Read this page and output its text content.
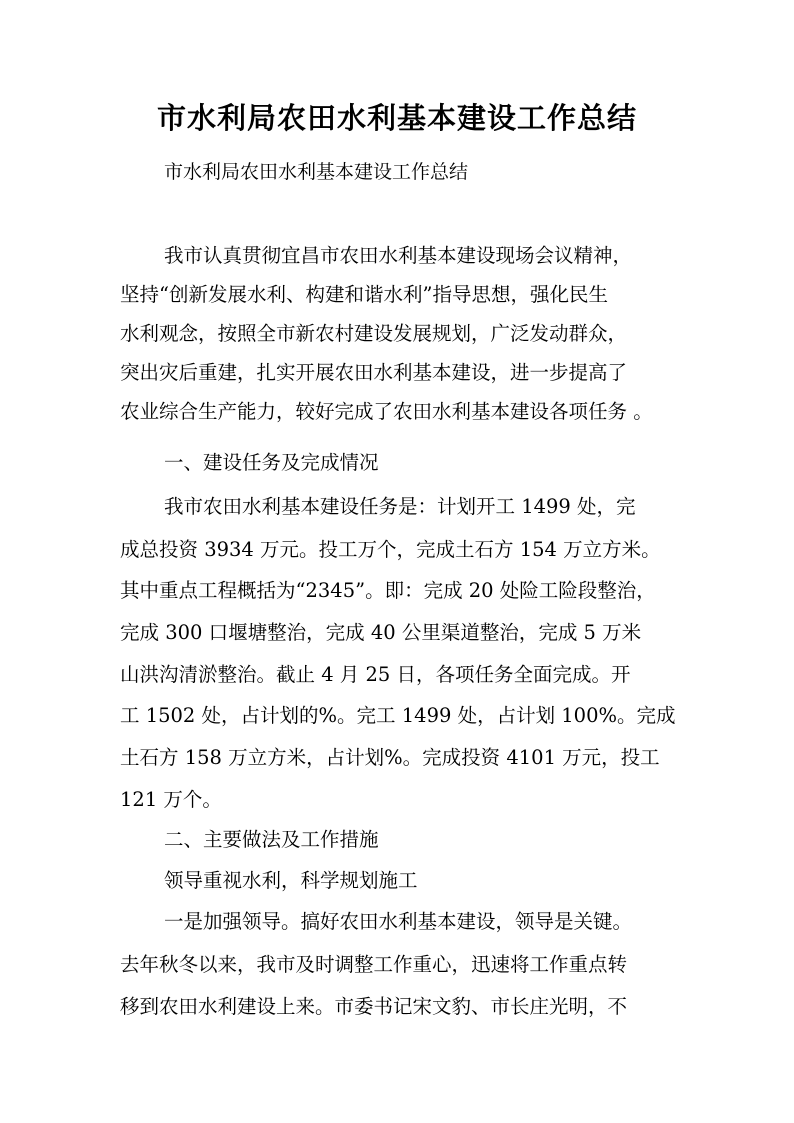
市水利局农田水利基本建设工作总结

市水利局农田水利基本建设工作总结

我市认真贯彻宜昌市农田水利基本建设现场会议精神，

坚持“创新发展水利、构建和谐水利”指导思想，强化民生

水利观念，按照全市新农村建设发展规划，广泛发动群众，

突出灾后重建，扎实开展农田水利基本建设，进一步提高了

农业综合生产能力，较好完成了农田水利基本建设各项任务 。

一、建设任务及完成情况

我市农田水利基本建设任务是：计划开工 1499 处，完

成总投资 3934 万元。投工万个，完成土石方 154 万立方米。

其中重点工程概括为“2345”。即：完成 20 处险工险段整治，

完成 300 口堰塘整治，完成 40 公里渠道整治，完成 5 万米

山洪沟清淤整治。截止 4 月 25 日，各项任务全面完成。开

工 1502 处，占计划的%。完工 1499 处，占计划 100%。完成

土石方 158 万立方米，占计划%。完成投资 4101 万元，投工

121 万个。

二、主要做法及工作措施

领导重视水利，科学规划施工

一是加强领导。搞好农田水利基本建设，领导是关键。

去年秋冬以来，我市及时调整工作重心，迅速将工作重点转

移到农田水利建设上来。市委书记宋文豹、市长庄光明，不
